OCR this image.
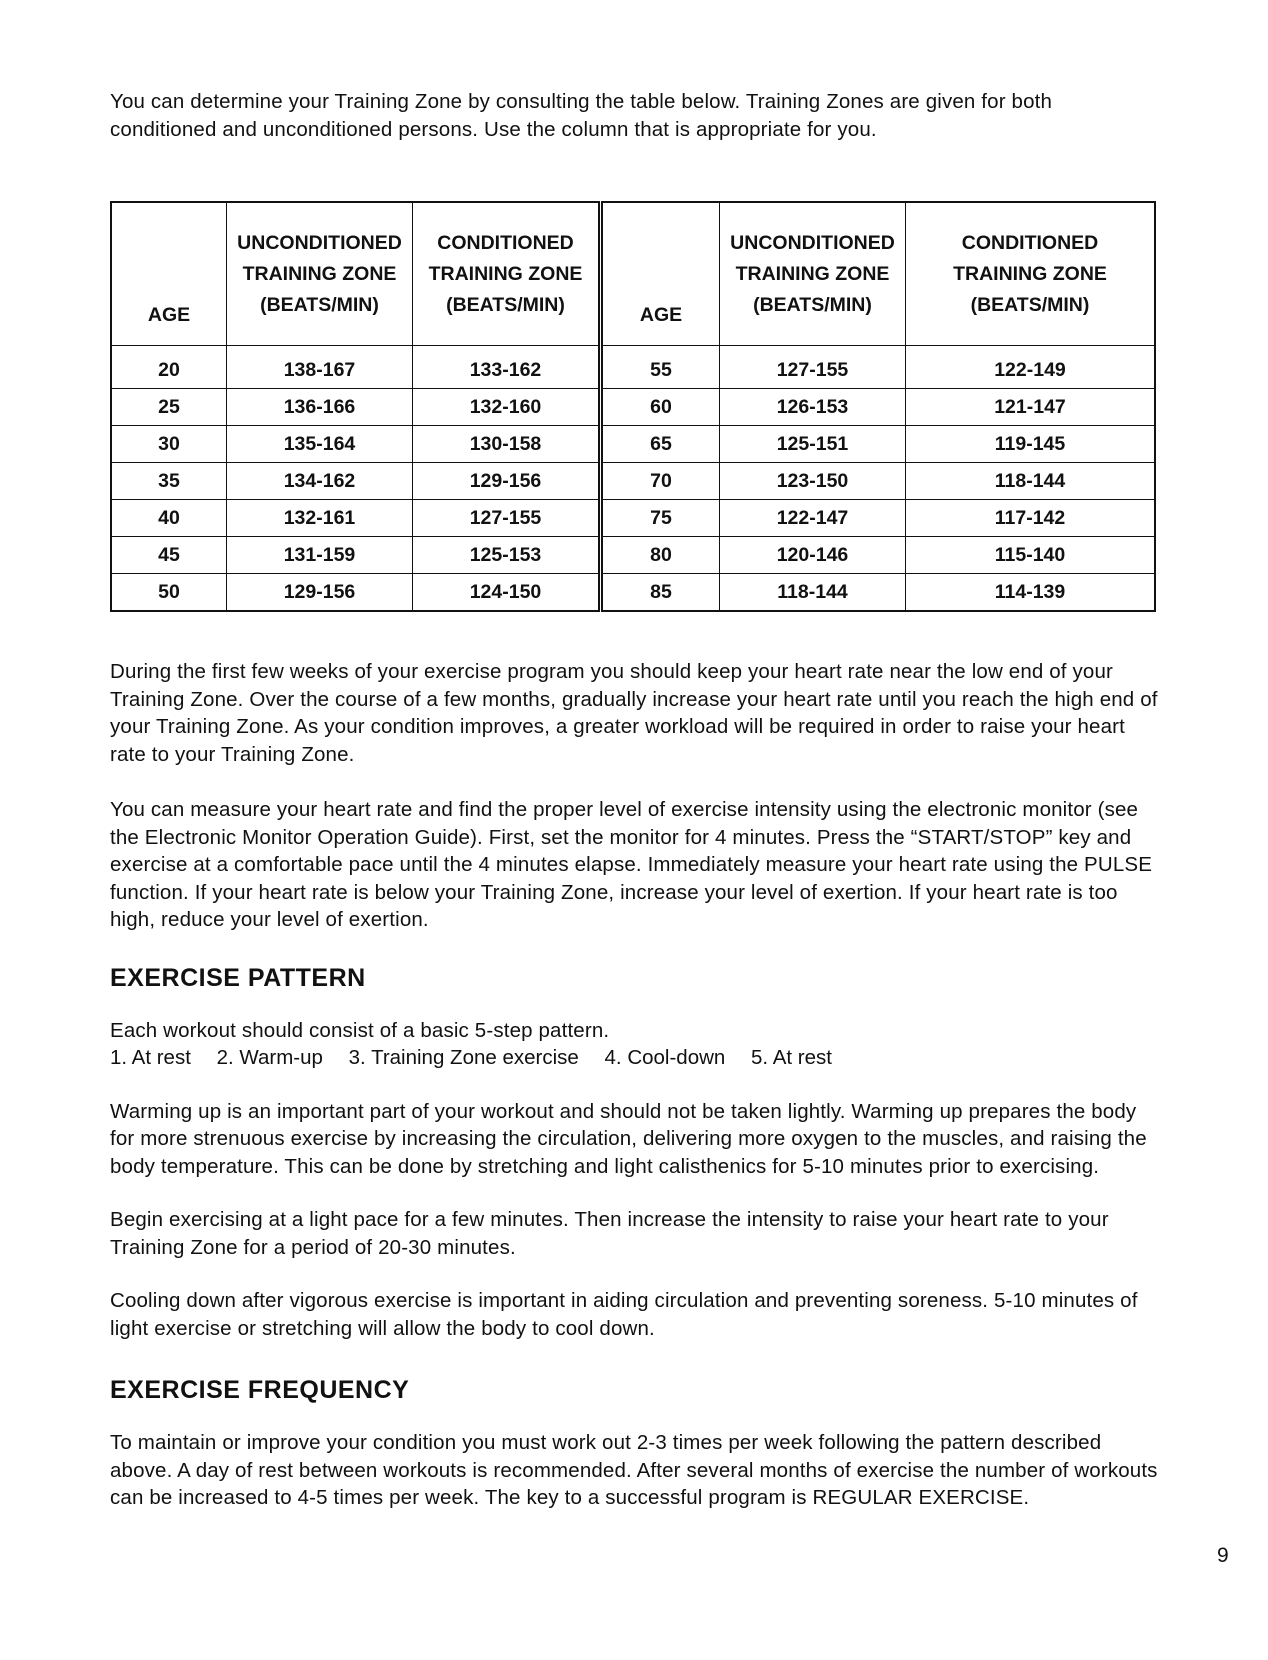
You can determine your Training Zone by consulting the table below. Training Zones are given for both conditioned and unconditioned persons. Use the column that is appropriate for you.

AGE	UNCONDITIONED
TRAINING ZONE
(BEATS/MIN)	CONDITIONED
TRAINING ZONE
(BEATS/MIN)	AGE	UNCONDITIONED
TRAINING ZONE
(BEATS/MIN)	CONDITIONED
TRAINING ZONE
(BEATS/MIN)
20	138-167	133-162	55	127-155	122-149
25	136-166	132-160	60	126-153	121-147
30	135-164	130-158	65	125-151	119-145
35	134-162	129-156	70	123-150	118-144
40	132-161	127-155	75	122-147	117-142
45	131-159	125-153	80	120-146	115-140
50	129-156	124-150	85	118-144	114-139

During the first few weeks of your exercise program you should keep your heart rate near the low end of your Training Zone. Over the course of a few months, gradually increase your heart rate until you reach the high end of your Training Zone. As your condition improves, a greater workload will be required in order to raise your heart rate to your Training Zone.

You can measure your heart rate and find the proper level of exercise intensity using the electronic monitor (see the Electronic Monitor Operation Guide). First, set the monitor for 4 minutes. Press the “START/STOP” key and exercise at a comfortable pace until the 4 minutes elapse. Immediately measure your heart rate using the PULSE function. If your heart rate is below your Training Zone, increase your level of exertion. If your heart rate is too high, reduce your level of exertion.

EXERCISE PATTERN

Each workout should consist of a basic 5-step pattern.

1. At rest 2. Warm-up 3. Training Zone exercise 4. Cool-down 5. At rest

Warming up is an important part of your workout and should not be taken lightly. Warming up prepares the body for more strenuous exercise by increasing the circulation, delivering more oxygen to the muscles, and raising the body temperature. This can be done by stretching and light calisthenics for 5-10 minutes prior to exercising.

Begin exercising at a light pace for a few minutes. Then increase the intensity to raise your heart rate to your Training Zone for a period of 20-30 minutes.

Cooling down after vigorous exercise is important in aiding circulation and preventing soreness. 5-10 minutes of light exercise or stretching will allow the body to cool down.

EXERCISE FREQUENCY

To maintain or improve your condition you must work out 2-3 times per week following the pattern described above. A day of rest between workouts is recommended. After several months of exercise the number of workouts can be increased to 4-5 times per week. The key to a successful program is REGULAR EXERCISE.

9
